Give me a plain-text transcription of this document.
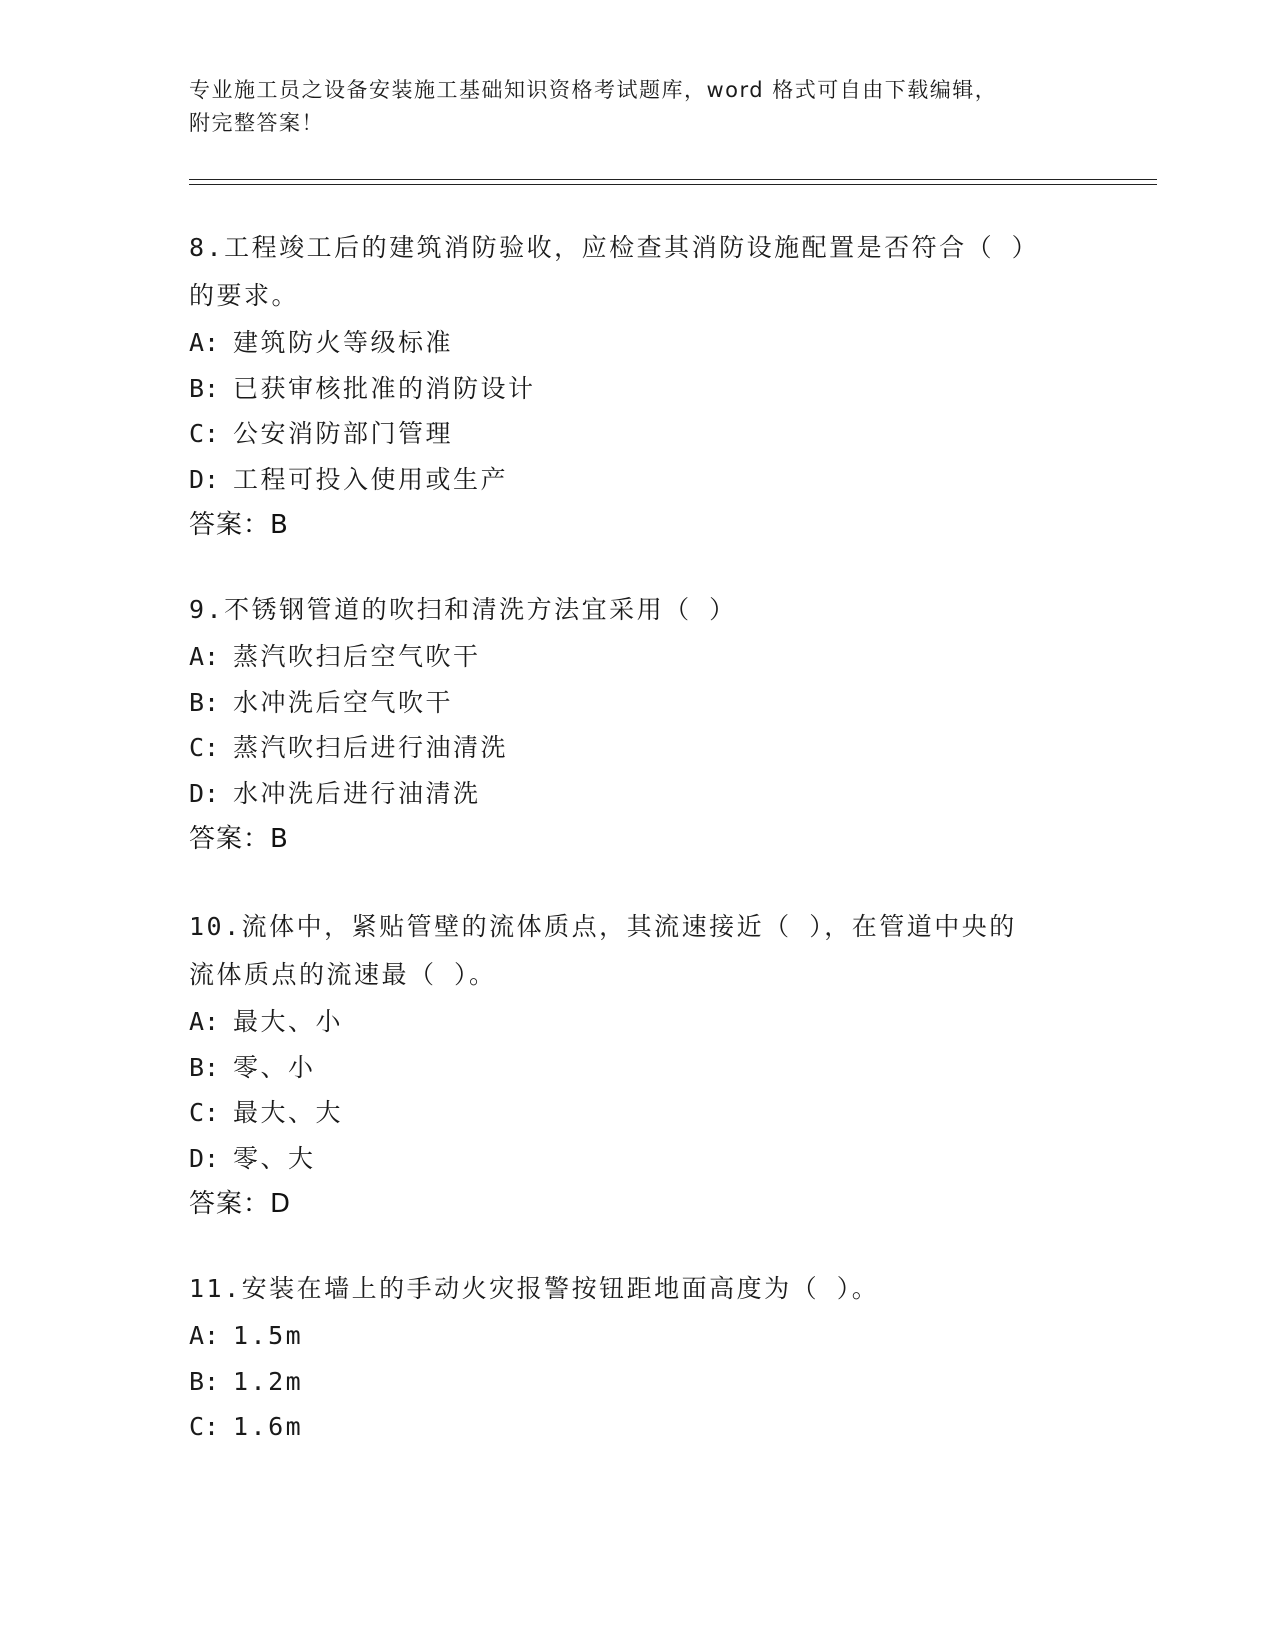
专业施工员之设备安装施工基础知识资格考试题库，word 格式可自由下载编辑，
附完整答案！
8.工程竣工后的建筑消防验收，应检查其消防设施配置是否符合（ ）
的要求。
A: 建筑防火等级标准
B: 已获审核批准的消防设计
C: 公安消防部门管理
D: 工程可投入使用或生产
答案：B
9.不锈钢管道的吹扫和清洗方法宜采用（ ）
A: 蒸汽吹扫后空气吹干
B: 水冲洗后空气吹干
C: 蒸汽吹扫后进行油清洗
D: 水冲洗后进行油清洗
答案：B
10.流体中，紧贴管壁的流体质点，其流速接近（ ），在管道中央的
流体质点的流速最（ ）。
A: 最大、小
B: 零、小
C: 最大、大
D: 零、大
答案：D
11.安装在墙上的手动火灾报警按钮距地面高度为（ ）。
A: 1.5m
B: 1.2m
C: 1.6m
